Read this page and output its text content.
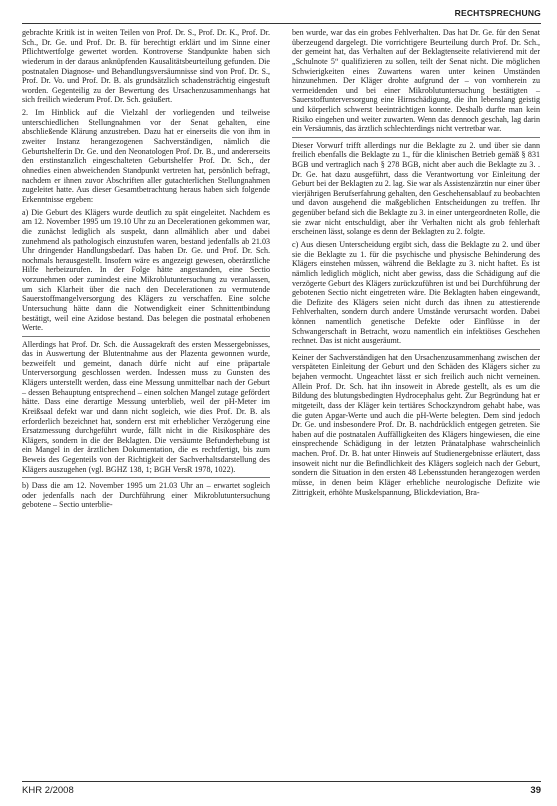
RECHTSPRECHUNG

gebrachte Kritik ist in weiten Teilen von Prof. Dr. S., Prof. Dr. K., Prof. Dr. Sch., Dr. Ge. und Prof. Dr. B. für berechtigt erklärt und im Sinne einer Pflichtwertfolge gewertet worden. Kontroverse Standpunkte haben sich wiederum in der daraus anknüpfenden Kausalitätsbeurteilung gefunden. Die postnatalen Diagnose- und Behandlungsversäumnisse sind von Prof. Dr. S., Prof. Dr. Vo. und Prof. Dr. B. als grundsätzlich schadensträchtig eingestuft worden. Gegenteilig zu der Bewertung des Ursachenzusammenhangs hat sich freilich wiederum Prof. Dr. Sch. geäußert.

2. Im Hinblick auf die Vielzahl der vorliegenden und teilweise unterschiedlichen Stellungnahmen vor der Senat gehalten, eine abschließende Klärung anzustreben. Dazu hat er einerseits die von ihm in zweiter Instanz herangezogenen Sachverständigen, nämlich die Geburtshelferin Dr. Ge. und den Neonatologen Prof. Dr. B., und andererseits den erstinstanzlich eingeschalteten Geburtshelfer Prof. Dr. Sch., der ohnedies einen abweichenden Standpunkt vertreten hat, persönlich befragt, nachdem er ihnen zuvor Abschriften aller gutachterlichen Stellungnahmen zugeleitet hatte. Aus dieser Gesamtbetrachtung heraus haben sich folgende Erkenntnisse ergeben:

a) Die Geburt des Klägers wurde deutlich zu spät eingeleitet. Nachdem es am 12. November 1995 um 19.10 Uhr zu an Decelerationen gekommen war, die zunächst lediglich als suspekt, dann allmählich aber und dabei zunehmend als pathologisch einzustufen waren, bestand jedenfalls ab 21.03 Uhr dringender Handlungsbedarf. Das haben Dr. Ge. und Prof. Dr. Sch. nochmals herausgestellt. Insofern wäre es angezeigt gewesen, oberärztliche Hilfe herbeizurufen. In der Folge hätte angestanden, eine Sectio vorzunehmen oder zumindest eine Mikroblutuntersuchung zu veranlassen, um sich Klarheit über die nach den Decelerationen zu vermutende Sauerstoffmangelversorgung des Klägers zu verschaffen. Eine solche Untersuchung hätte dann die Notwendigkeit einer Schnittentbindung bestätigt, weil eine Azidose bestand. Das belegen die postnatal erhobenen Werte.

Allerdings hat Prof. Dr. Sch. die Aussagekraft des ersten Messergebnisses, das in Auswertung der Blutentnahme aus der Plazenta gewonnen wurde, bezweifelt und gemeint, danach dürfe nicht auf eine präpartale Unterversorgung geschlossen werden. Indessen muss zu Gunsten des Klägers unterstellt werden, dass eine Messung unmittelbar nach der Geburt – dessen Behauptung entsprechend – einen solchen Mangel zutage gefördert hätte. Dass eine derartige Messung unterblieb, weil der pH-Meter im Kreißsaal defekt war und dann nicht sogleich, wie dies Prof. Dr. B. als erforderlich bezeichnet hat, sondern erst mit erheblicher Verzögerung eine Ersatzmessung durchgeführt wurde, fällt nicht in die Risikosphäre des Klägers, sondern in die der Beklagten. Die versäumte Befunderhebung ist ein Mangel in der ärztlichen Dokumentation, die es rechtfertigt, bis zum Beweis des Gegenteils von der Richtigkeit der Sachverhaltsdarstellung des Klägers auszugehen (vgl. BGHZ 138, 1; BGH VersR 1978, 1022).

b) Dass die am 12. November 1995 um 21.03 Uhr an – erwartet sogleich oder jedenfalls nach der Durchführung einer Mikroblutuntersuchung gebotene – Sectio unterblie-

ben wurde, war das ein grobes Fehlverhalten. Das hat Dr. Ge. für den Senat überzeugend dargelegt. Die vorrichtigere Beurteilung durch Prof. Dr. Sch., der gemeint hat, das Verhalten auf der Beklagtenseite relativierend mit der „Schulnote 5“ qualifizieren zu sollen, teilt der Senat nicht. Die möglichen Schwierigkeiten eines Zuwartens waren unter keinen Umständen hinzunehmen. Der Kläger drohte aufgrund der – von vornherein zu vermeidenden und bei einer Mikroblutuntersuchung bestätigten – Sauerstoffunterversorgung eine Hirnschädigung, die ihn lebenslang geistig und körperlich schwerst beeinträchtigen konnte. Deshalb durfte man kein Risiko eingehen und weiter zuwarten. Wenn das dennoch geschah, lag darin ein Versäumnis, das ärztlich schlechterdings nicht vertretbar war.

Dieser Vorwurf trifft allerdings nur die Beklagte zu 2. und über sie dann freilich ebenfalls die Beklagte zu 1., für die klinischen Betrieb gemäß § 831 BGB und vertraglich nach § 278 BGB, nicht aber auch die Beklagte zu 3. . Dr. Ge. hat dazu ausgeführt, dass die Verantwortung vor Einleitung der Geburt bei der Beklagten zu 2. lag. Sie war als Assistenzärztin nur einer über vierjährigen Berufserfahrung gehalten, den Geschehensablauf zu beobachten und davon ausgehend die maßgeblichen Entscheidungen zu treffen. Ihr gegenüber befand sich die Beklagte zu 3. in einer untergeordneten Rolle, die sie zwar nicht entschuldigt, aber ihr Verhalten nicht als grob fehlerhaft erscheinen lässt, solange es denn der Beklagten zu 2. folgte.

c) Aus diesen Unterscheidung ergibt sich, dass die Beklagte zu 2. und über sie die Beklagte zu 1. für die psychische und physische Behinderung des Klägers einstehen müssen, während die Beklagte zu 3. nicht haftet. Es ist nämlich lediglich möglich, nicht aber gewiss, dass die Schädigung auf die verzögerte Geburt des Klägers zurückzuführen ist und bei Durchführung der gebotenen Sectio nicht eingetreten wäre. Die Beklagten haben eingewandt, die Defizite des Klägers seien nicht durch das ihnen zu attestierende Fehlverhalten, sondern durch andere Umstände verursacht worden. Dabei können namentlich genetische Defekte oder Einflüsse in der Schwangerschaft in Betracht, wozu namentlich ein infektiöses Geschehen rechnet. Das ist nicht ausgeräumt.

Keiner der Sachverständigen hat den Ursachenzusammenhang zwischen der verspäteten Einleitung der Geburt und den Schäden des Klägers sicher zu bejahen vermocht. Ungeachtet lässt er sich freilich auch nicht verneinen. Allein Prof. Dr. Sch. hat ihn insoweit in Abrede gestellt, als es um die Bildung des blutungsbedingten Hydrocephalus geht. Zur Begründung hat er mitgeteilt, dass der Kläger kein tertiäres Schockzyndrom gehabt habe, was die guten Apgar-Werte und auch die pH-Werte belegten. Dem sind jedoch Dr. Ge. und insbesondere Prof. Dr. B. nachdrücklich entgegen getreten. Sie haben auf die postnatalen Auffälligkeiten des Klägers hingewiesen, die eine einsprechende Schädigung in der letzten Pränatalphase wahrscheinlich machen. Prof. Dr. B. hat unter Hinweis auf Studienergebnisse erläutert, dass insoweit nicht nur die Befindlichkeit des Klägers sogleich nach der Geburt, sondern die Situation in den ersten 48 Lebensstunden herangezogen werden müsse, in denen beim Kläger erhebliche neurologische Defizite wie Zittrigkeit, erhöhte Muskelspannung, Blickdeviation, Bra-

KHR 2/2008	39
